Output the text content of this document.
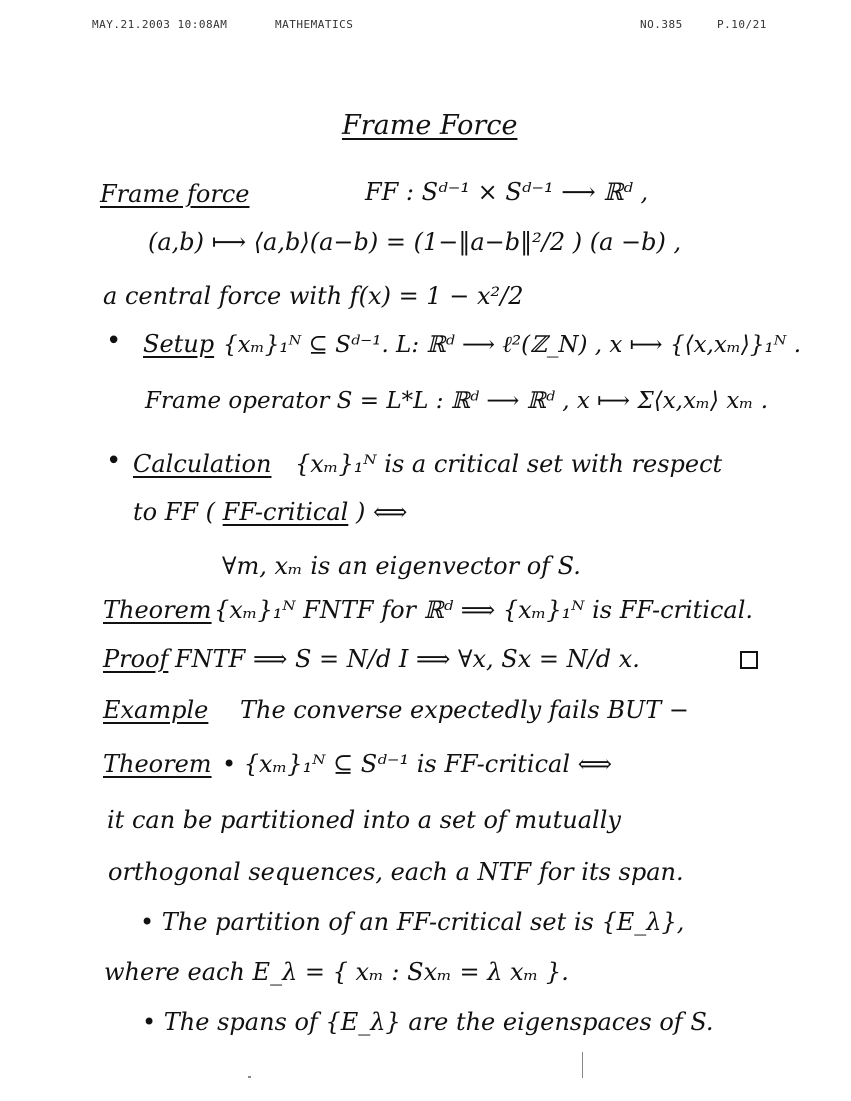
MAY.21.2003 10:08AM	MATHEMATICS	NO.385	P.10/21
Frame Force
Frame force	FF : Sᵈ⁻¹ × Sᵈ⁻¹ ⟶ ℝᵈ ,
(a,b) ⟼ ⟨a,b⟩(a−b) = (1−‖a−b‖²/2 ) (a −b) ,
a central force with f(x) = 1 − x²/2
• Setup {xₘ}₁ᴺ ⊆ Sᵈ⁻¹. L: ℝᵈ ⟶ ℓ²(ℤ_N) , x ⟼ {⟨x,xₘ⟩}₁ᴺ .
Frame operator S = L*L : ℝᵈ ⟶ ℝᵈ , x ⟼ Σ⟨x,xₘ⟩ xₘ .
• Calculation {xₘ}₁ᴺ is a critical set with respect
to FF ( FF-critical ) ⟺
∀m, xₘ is an eigenvector of S.
Theorem {xₘ}₁ᴺ FNTF for ℝᵈ ⟹ {xₘ}₁ᴺ is FF-critical.
Proof FNTF ⟹ S = N/d I ⟹ ∀x, Sx = N/d x.
Example The converse expectedly fails BUT −
Theorem • {xₘ}₁ᴺ ⊆ Sᵈ⁻¹ is FF-critical ⟺
it can be partitioned into a set of mutually
orthogonal sequences, each a NTF for its span.
• The partition of an FF-critical set is {E_λ},
where each E_λ = { xₘ : Sxₘ = λ xₘ }.
• The spans of {E_λ} are the eigenspaces of S.
